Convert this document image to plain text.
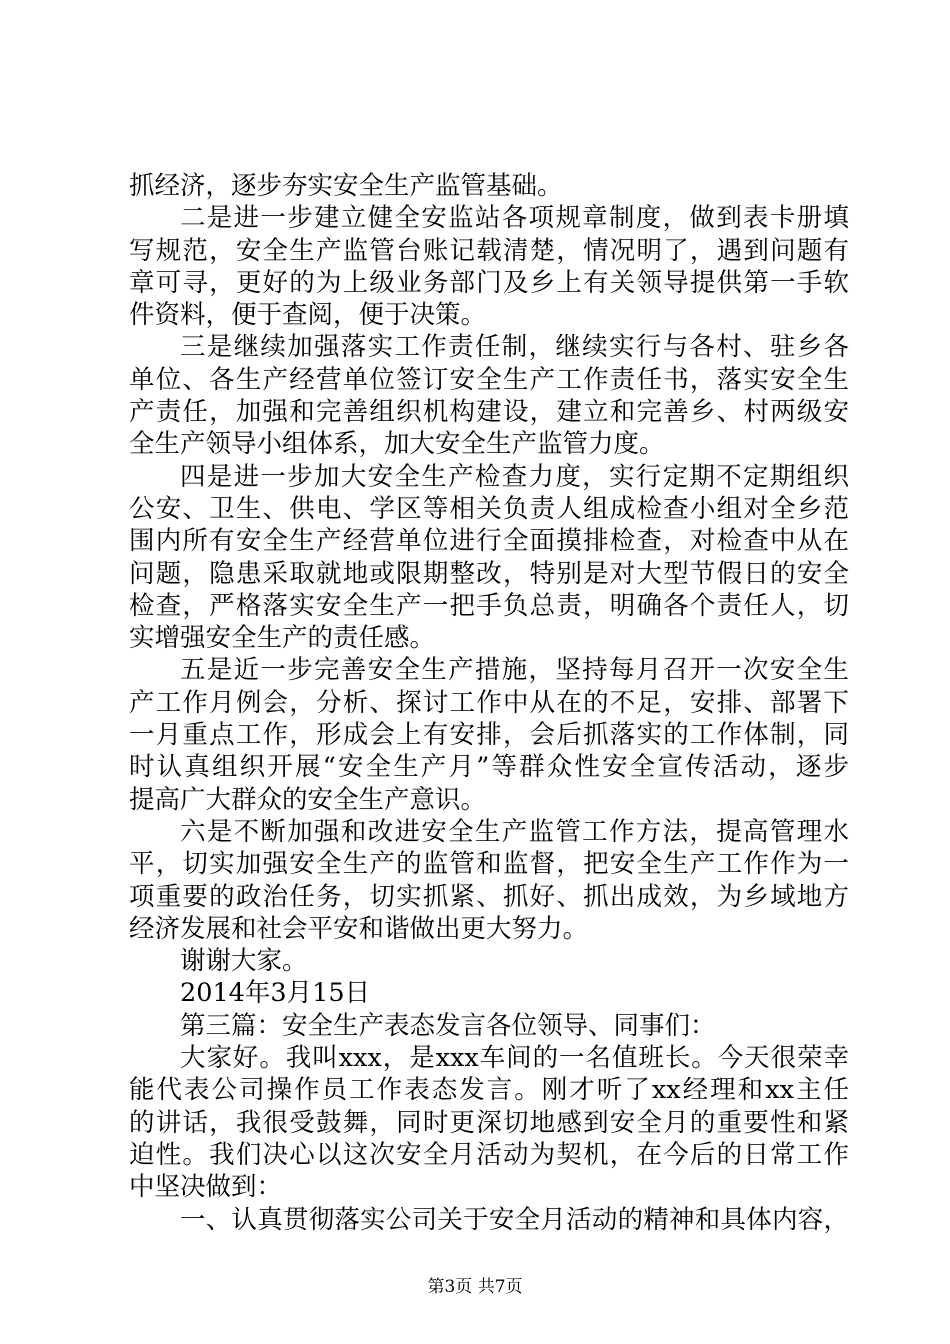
抓经济，逐步夯实安全生产监管基础。
二是进一步建立健全安监站各项规章制度，做到表卡册填
写规范，安全生产监管台账记载清楚，情况明了，遇到问题有
章可寻，更好的为上级业务部门及乡上有关领导提供第一手软
件资料，便于查阅，便于决策。
三是继续加强落实工作责任制，继续实行与各村、驻乡各
单位、各生产经营单位签订安全生产工作责任书，落实安全生
产责任，加强和完善组织机构建设，建立和完善乡、村两级安
全生产领导小组体系，加大安全生产监管力度。
四是进一步加大安全生产检查力度，实行定期不定期组织
公安、卫生、供电、学区等相关负责人组成检查小组对全乡范
围内所有安全生产经营单位进行全面摸排检查，对检查中从在
问题，隐患采取就地或限期整改，特别是对大型节假日的安全
检查，严格落实安全生产一把手负总责，明确各个责任人，切
实增强安全生产的责任感。
五是近一步完善安全生产措施，坚持每月召开一次安全生
产工作月例会，分析、探讨工作中从在的不足，安排、部署下
一月重点工作，形成会上有安排，会后抓落实的工作体制，同
时认真组织开展“安全生产月”等群众性安全宣传活动，逐步
提高广大群众的安全生产意识。
六是不断加强和改进安全生产监管工作方法，提高管理水
平，切实加强安全生产的监管和监督，把安全生产工作作为一
项重要的政治任务，切实抓紧、抓好、抓出成效，为乡域地方
经济发展和社会平安和谐做出更大努力。
谢谢大家。
2014年3月15日
第三篇：安全生产表态发言各位领导、同事们：
大家好。我叫xxx，是xxx车间的一名值班长。今天很荣幸
能代表公司操作员工作表态发言。刚才听了xx经理和xx主任
的讲话，我很受鼓舞，同时更深切地感到安全月的重要性和紧
迫性。我们决心以这次安全月活动为契机，在今后的日常工作
中坚决做到：
一、认真贯彻落实公司关于安全月活动的精神和具体内容，
第3页 共7页
